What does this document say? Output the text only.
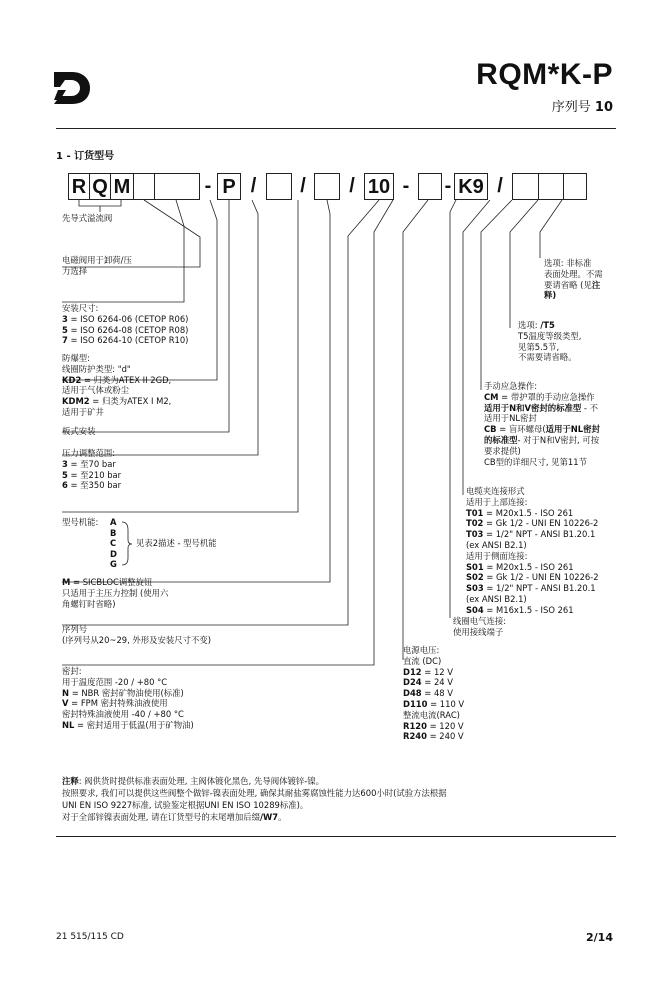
RQM*K-P
序列号 10
1 - 订货型号
R Q M	- P /	/	/ 10 -	- K9 /
先导式溢流阀
电磁阀用于卸荷/压
力选择
安装尺寸:
3 = ISO 6264-06 (CETOP R06)
5 = ISO 6264-08 (CETOP R08)
7 = ISO 6264-10 (CETOP R10)
防爆型:
线圈防护类型: "d"
KD2 = 归类为ATEX II 2GD,
适用于气体或粉尘
KDM2 = 归类为ATEX I M2,
适用于矿井
板式安装
压力调整范围:
3 = 至70 bar
5 = 至210 bar
6 = 至350 bar
型号机能: A
B
C
D
G
见表2描述 - 型号机能
M = SICBLOC调整旋钮
只适用于主压力控制 (使用六
角螺钉时省略)
序列号
(序列号从20~29, 外形及安装尺寸不变)
密封:
用于温度范围 -20 / +80 °C
N = NBR 密封矿物油使用(标准)
V = FPM 密封特殊油液使用
密封特殊油液使用 -40 / +80 °C
NL = 密封适用于低温(用于矿物油)
电源电压:
直流 (DC)
D12 = 12 V
D24 = 24 V
D48 = 48 V
D110 = 110 V
整流电流(RAC)
R120 = 120 V
R240 = 240 V
线圈电气连接:
使用接线端子
电缆夹连接形式
适用于上部连接:
T01 = M20x1.5 - ISO 261
T02 = Gk 1/2 - UNI EN 10226-2
T03 = 1/2" NPT - ANSI B1.20.1
(ex ANSI B2.1)
适用于侧面连接:
S01 = M20x1.5 - ISO 261
S02 = Gk 1/2 - UNI EN 10226-2
S03 = 1/2" NPT - ANSI B1.20.1
(ex ANSI B2.1)
S04 = M16x1.5 - ISO 261
手动应急操作:
CM = 带护罩的手动应急操作
适用于N和V密封的标准型 - 不
适用于NL密封
CB = 盲环螺母(适用于NL密封
的标准型- 对于N和V密封, 可按
要求提供)
CB型的详细尺寸, 见第11节
选项: /T5
T5温度等级类型,
见第5.5节,
不需要请省略。
选项: 非标准
表面处理。不需
要请省略 (见注
释)
注释: 阀供货时提供标准表面处理, 主阀体镀化黑色, 先导阀体镀锌-镍。
按照要求, 我们可以提供这些阀整个做锌-镍表面处理, 确保其耐盐雾腐蚀性能力达600小时(试验方法根据
UNI EN ISO 9227标准, 试验鉴定根据UNI EN ISO 10289标准)。
对于全部锌镍表面处理, 请在订货型号的末尾增加后缀/W7。
21 515/115 CD	2/14
